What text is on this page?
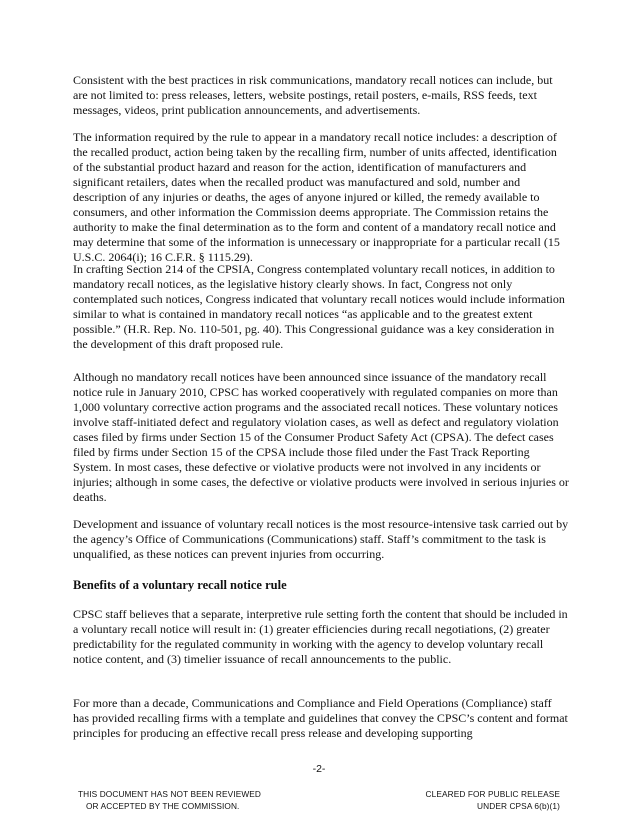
Consistent with the best practices in risk communications, mandatory recall notices can include, but are not limited to: press releases, letters, website postings, retail posters, e-mails, RSS feeds, text messages, videos, print publication announcements, and advertisements.

The information required by the rule to appear in a mandatory recall notice includes: a description of the recalled product, action being taken by the recalling firm, number of units affected, identification of the substantial product hazard and reason for the action, identification of manufacturers and significant retailers, dates when the recalled product was manufactured and sold, number and description of any injuries or deaths, the ages of anyone injured or killed, the remedy available to consumers, and other information the Commission deems appropriate. The Commission retains the authority to make the final determination as to the form and content of a mandatory recall notice and may determine that some of the information is unnecessary or inappropriate for a particular recall (15 U.S.C. 2064(i); 16 C.F.R. § 1115.29).

In crafting Section 214 of the CPSIA, Congress contemplated voluntary recall notices, in addition to mandatory recall notices, as the legislative history clearly shows. In fact, Congress not only contemplated such notices, Congress indicated that voluntary recall notices would include information similar to what is contained in mandatory recall notices “as applicable and to the greatest extent possible.” (H.R. Rep. No. 110-501, pg. 40). This Congressional guidance was a key consideration in the development of this draft proposed rule.

Although no mandatory recall notices have been announced since issuance of the mandatory recall notice rule in January 2010, CPSC has worked cooperatively with regulated companies on more than 1,000 voluntary corrective action programs and the associated recall notices. These voluntary notices involve staff-initiated defect and regulatory violation cases, as well as defect and regulatory violation cases filed by firms under Section 15 of the Consumer Product Safety Act (CPSA). The defect cases filed by firms under Section 15 of the CPSA include those filed under the Fast Track Reporting System. In most cases, these defective or violative products were not involved in any incidents or injuries; although in some cases, the defective or violative products were involved in serious injuries or deaths.

Development and issuance of voluntary recall notices is the most resource-intensive task carried out by the agency’s Office of Communications (Communications) staff. Staff’s commitment to the task is unqualified, as these notices can prevent injuries from occurring.

Benefits of a voluntary recall notice rule

CPSC staff believes that a separate, interpretive rule setting forth the content that should be included in a voluntary recall notice will result in: (1) greater efficiencies during recall negotiations, (2) greater predictability for the regulated community in working with the agency to develop voluntary recall notice content, and (3) timelier issuance of recall announcements to the public.

For more than a decade, Communications and Compliance and Field Operations (Compliance) staff has provided recalling firms with a template and guidelines that convey the CPSC’s content and format principles for producing an effective recall press release and developing supporting

-2-
THIS DOCUMENT HAS NOT BEEN REVIEWED
OR ACCEPTED BY THE COMMISSION.
CLEARED FOR PUBLIC RELEASE
UNDER CPSA 6(b)(1)
